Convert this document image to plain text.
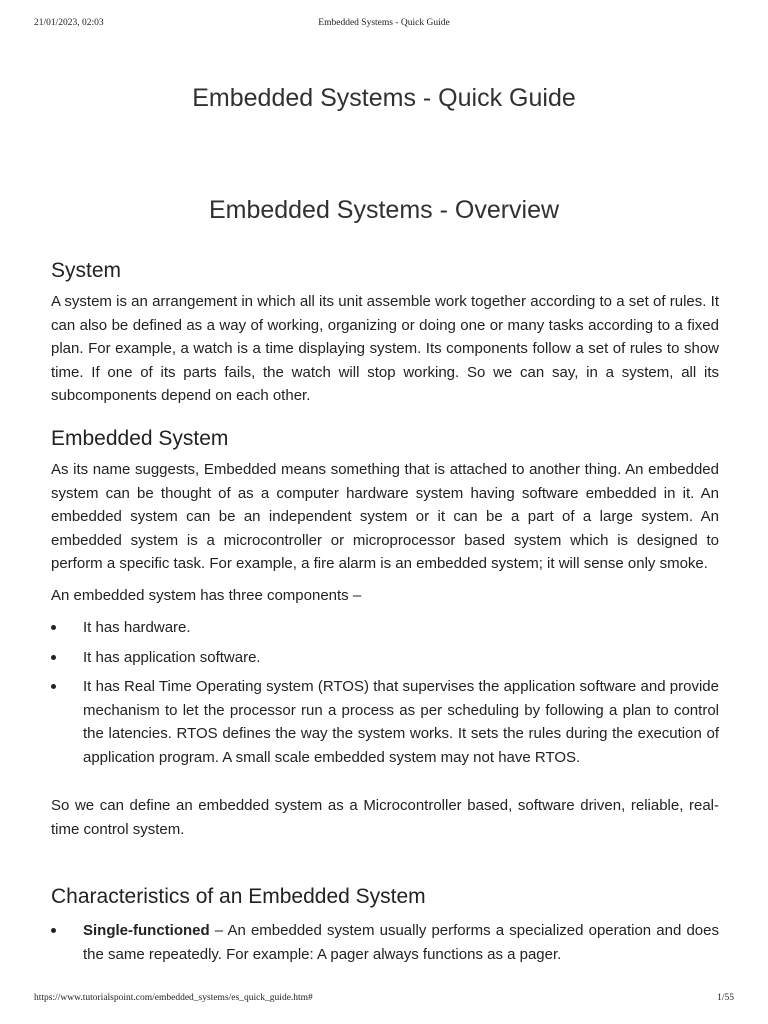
21/01/2023, 02:03	Embedded Systems - Quick Guide
Embedded Systems - Quick Guide
Embedded Systems - Overview
System

A system is an arrangement in which all its unit assemble work together according to a set of rules. It can also be defined as a way of working, organizing or doing one or many tasks according to a fixed plan. For example, a watch is a time displaying system. Its components follow a set of rules to show time. If one of its parts fails, the watch will stop working. So we can say, in a system, all its subcomponents depend on each other.

Embedded System

As its name suggests, Embedded means something that is attached to another thing. An embedded system can be thought of as a computer hardware system having software embedded in it. An embedded system can be an independent system or it can be a part of a large system. An embedded system is a microcontroller or microprocessor based system which is designed to perform a specific task. For example, a fire alarm is an embedded system; it will sense only smoke.

An embedded system has three components –

It has hardware.
It has application software.
It has Real Time Operating system (RTOS) that supervises the application software and provide mechanism to let the processor run a process as per scheduling by following a plan to control the latencies. RTOS defines the way the system works. It sets the rules during the execution of application program. A small scale embedded system may not have RTOS.

So we can define an embedded system as a Microcontroller based, software driven, reliable, real-time control system.

Characteristics of an Embedded System
Single-functioned – An embedded system usually performs a specialized operation and does the same repeatedly. For example: A pager always functions as a pager.
https://www.tutorialspoint.com/embedded_systems/es_quick_guide.htm#	1/55
